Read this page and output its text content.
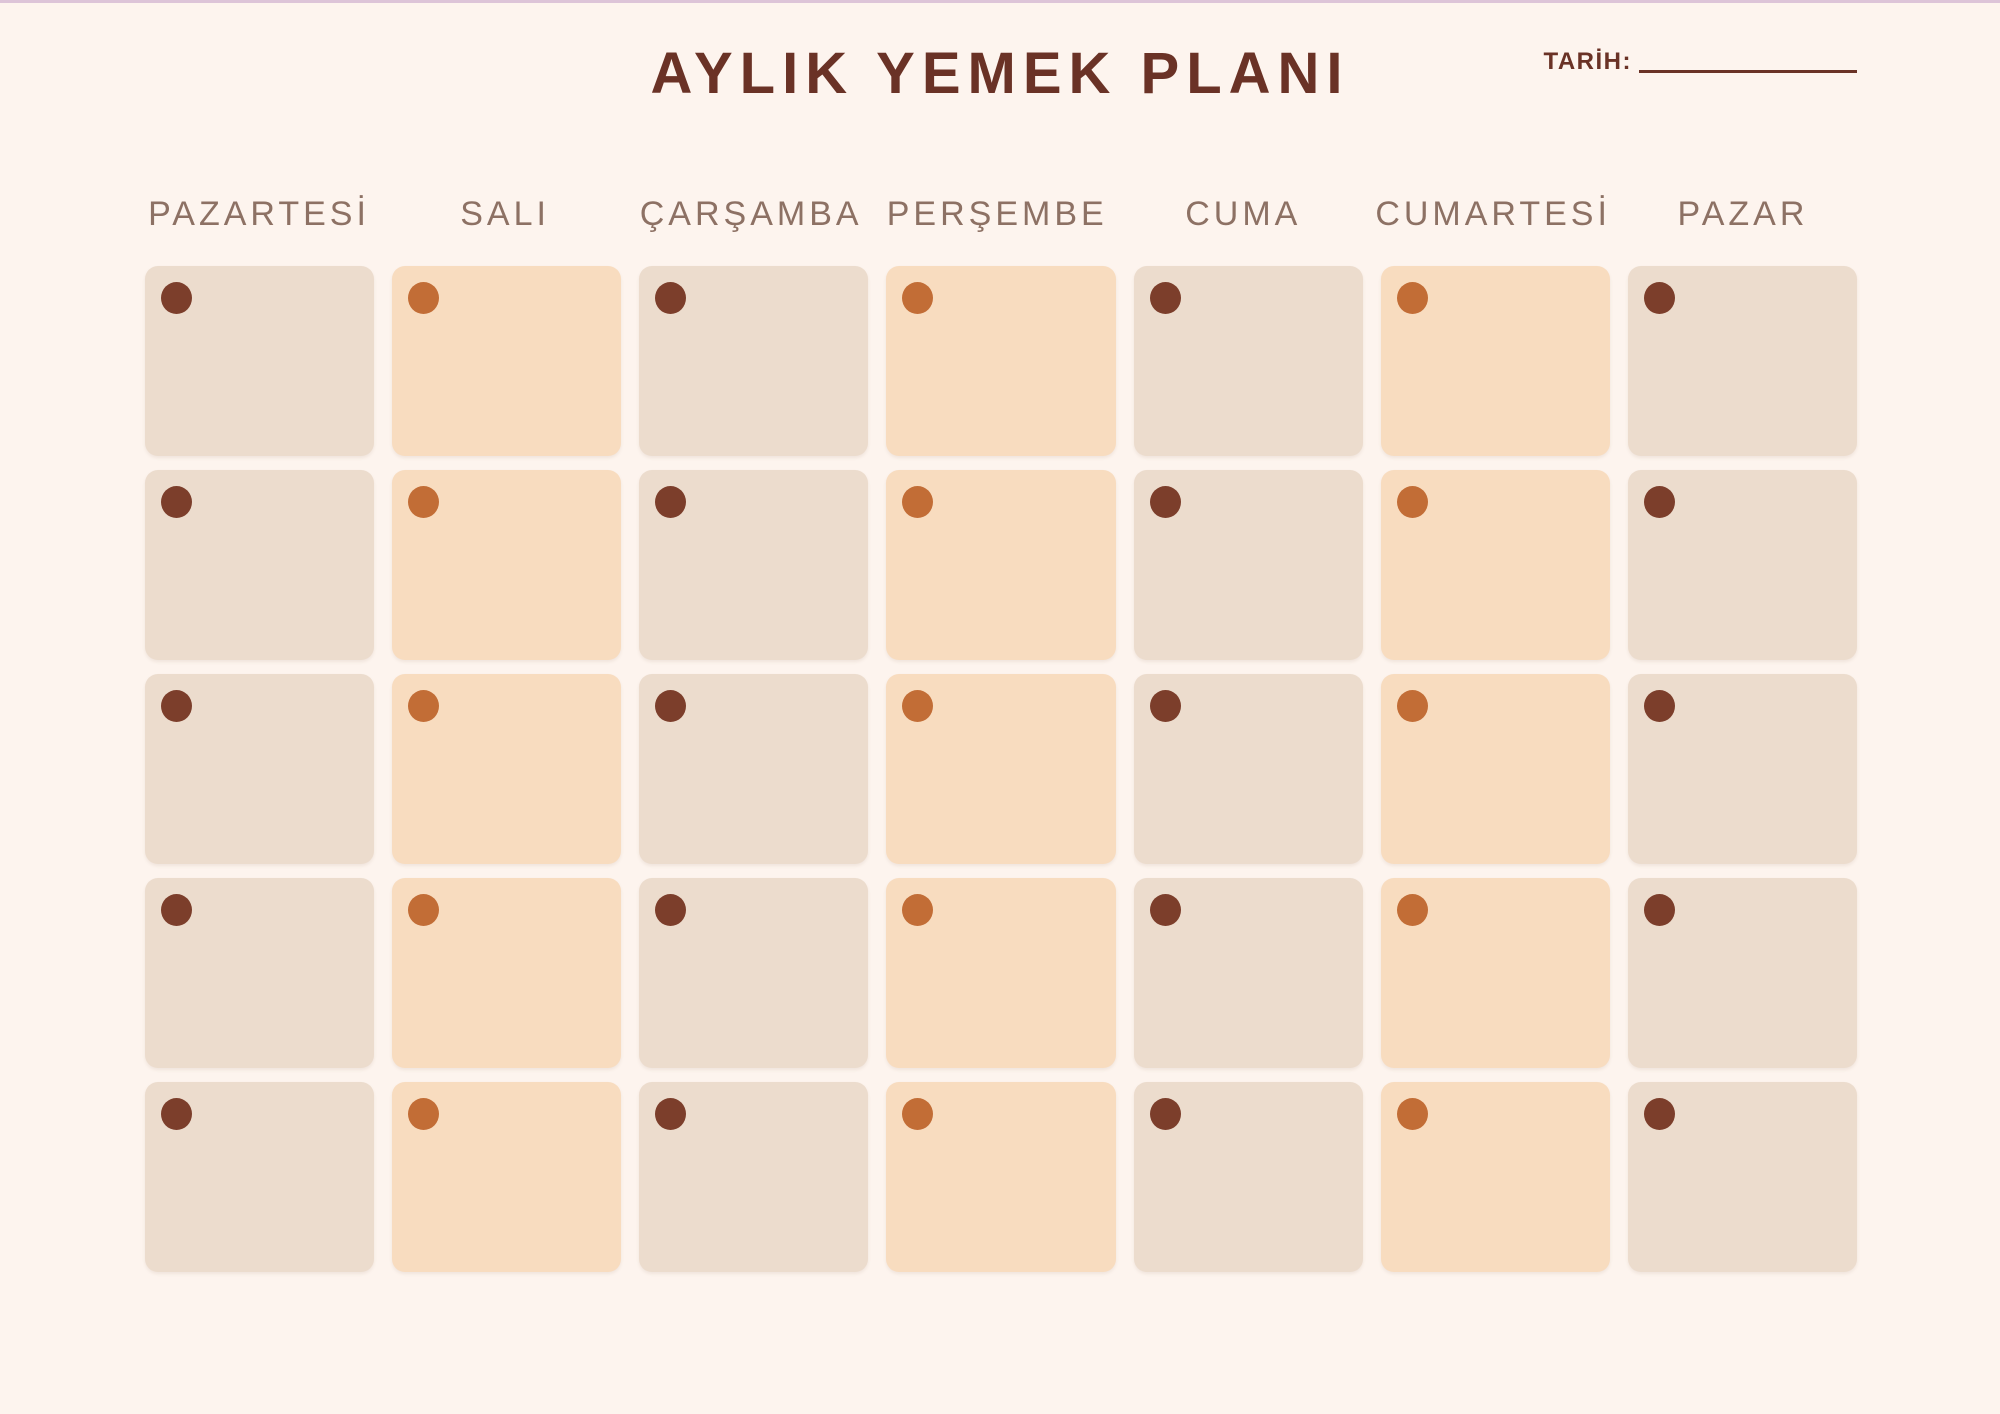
AYLIK YEMEK PLANI	TARİH:
PAZARTESİ	SALI	ÇARŞAMBA PERŞEMBE	CUMA	CUMARTESİ	PAZAR
